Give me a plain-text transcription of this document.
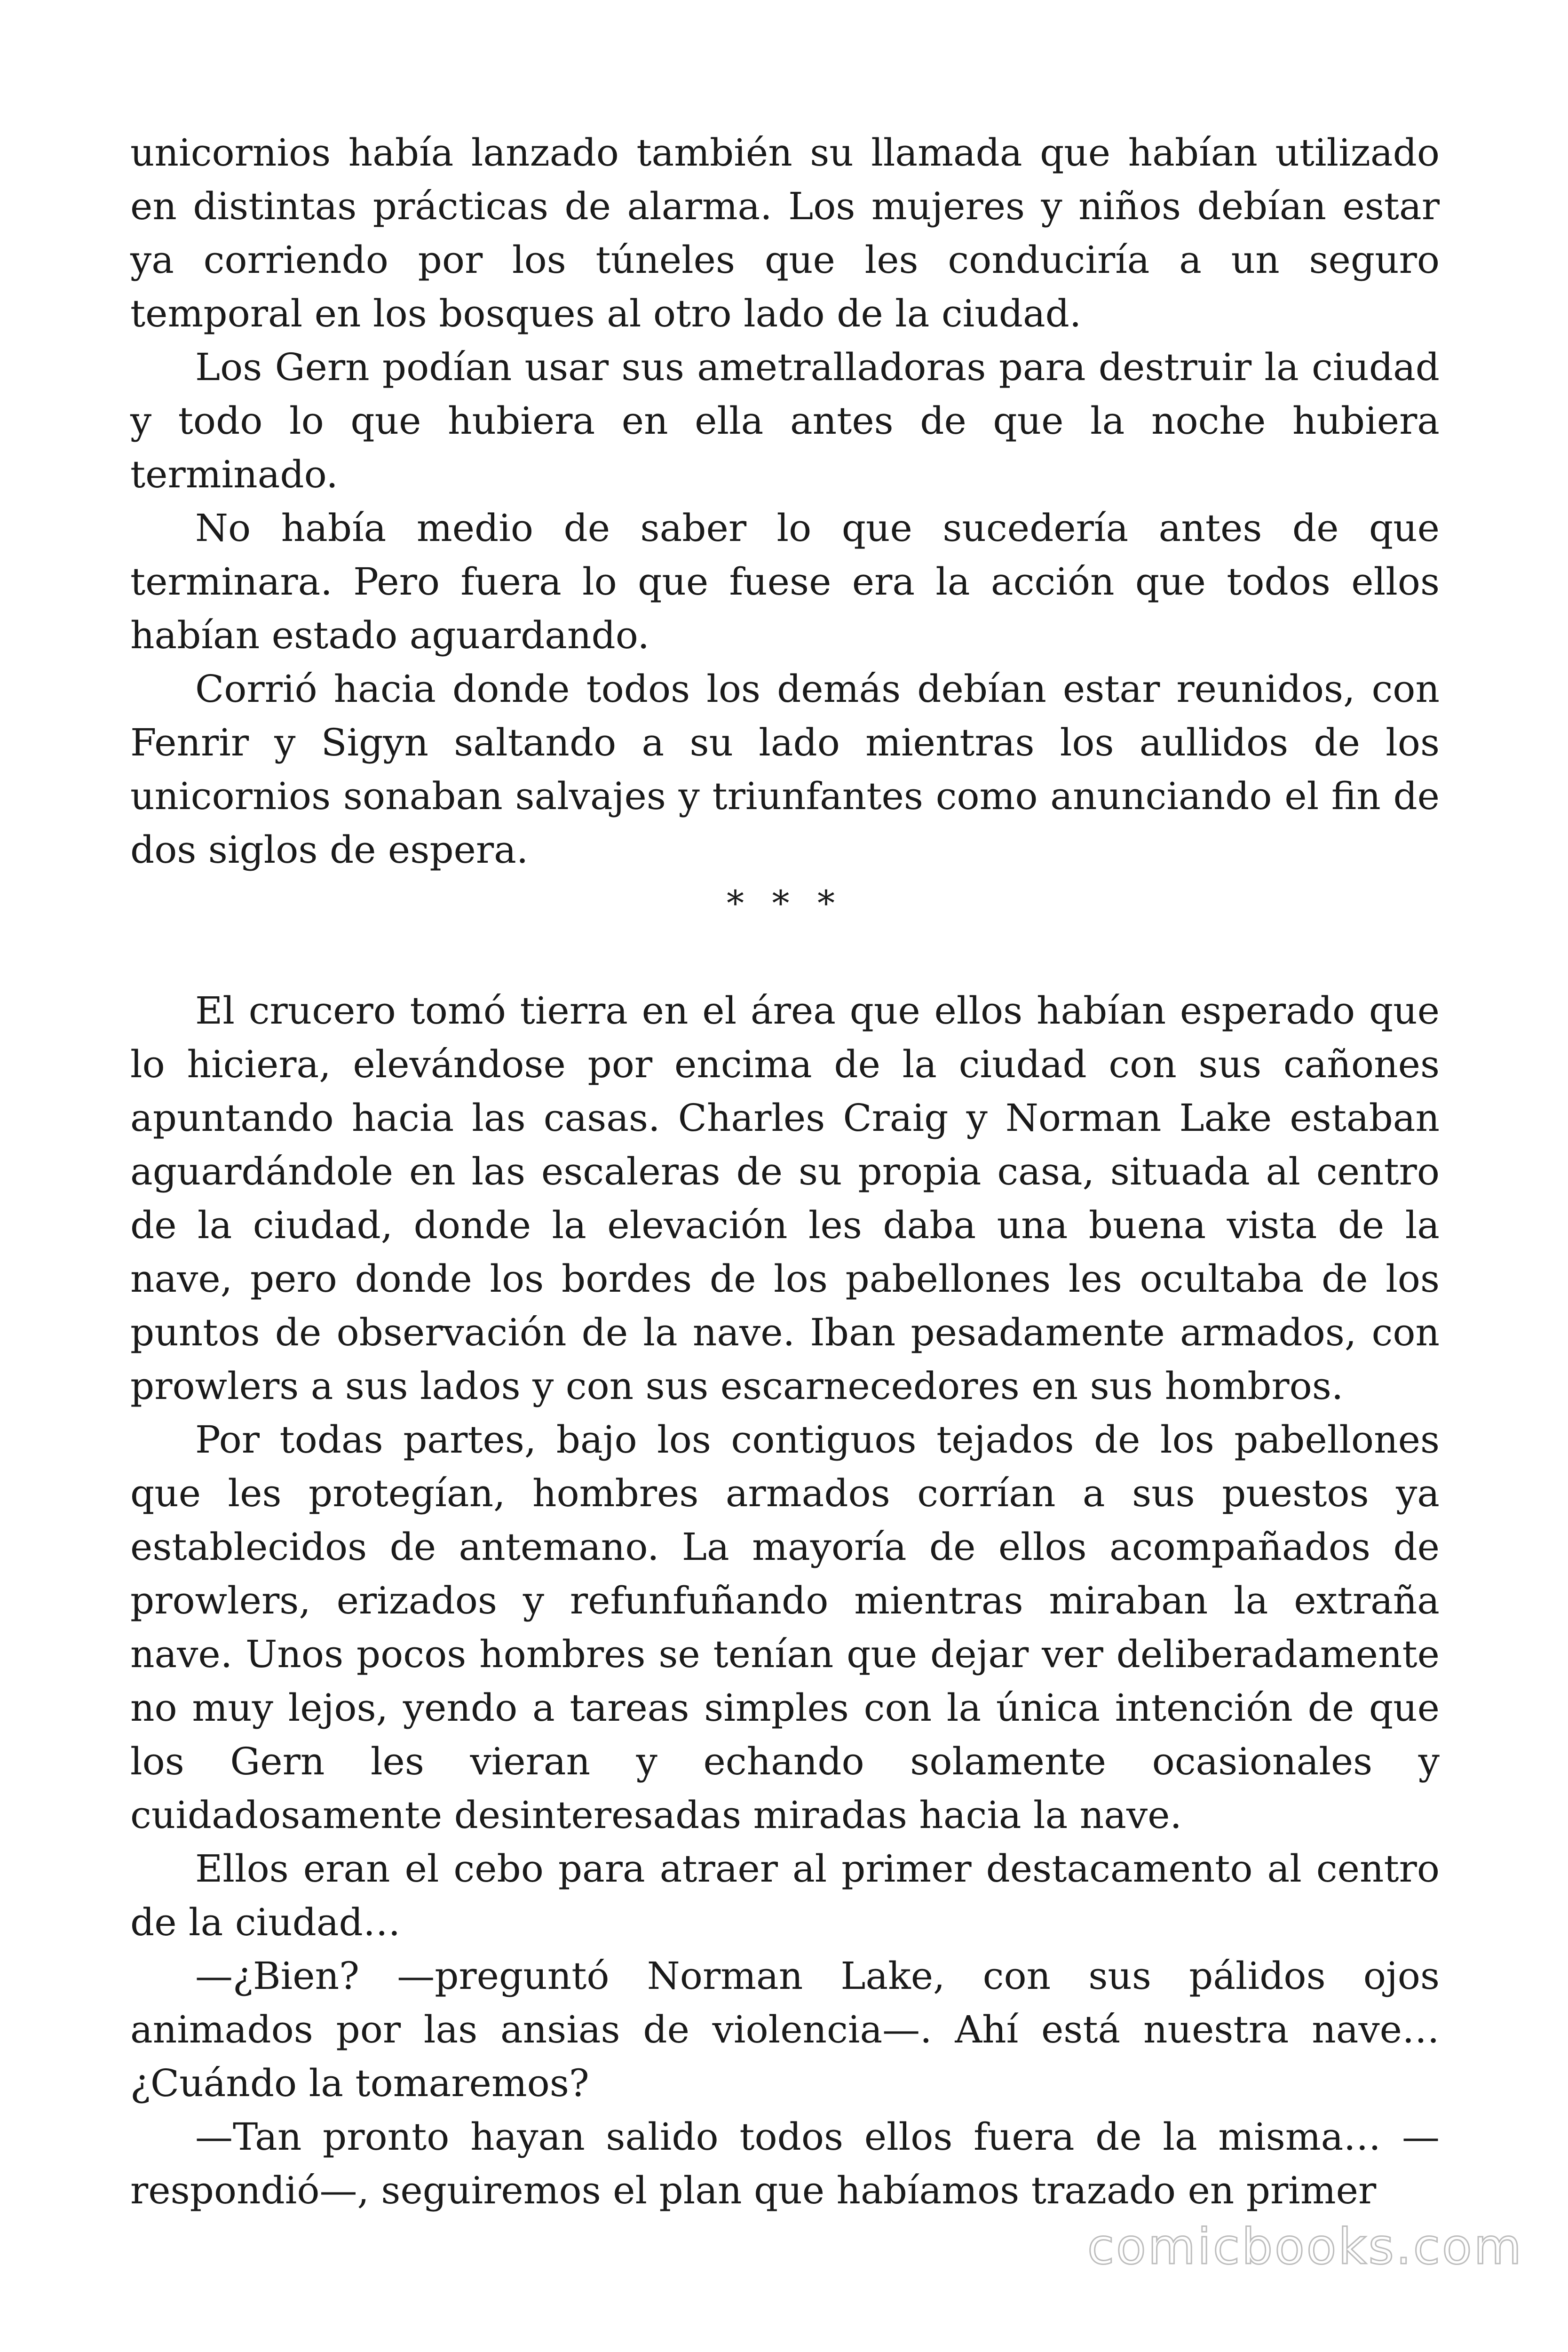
unicornios había lanzado también su llamada que habían utilizado en distintas prácticas de alarma. Los mujeres y niños debían estar ya corriendo por los túneles que les conduciría a un seguro temporal en los bosques al otro lado de la ciudad.

Los Gern podían usar sus ametralladoras para destruir la ciudad y todo lo que hubiera en ella antes de que la noche hubiera terminado.

No había medio de saber lo que sucedería antes de que terminara. Pero fuera lo que fuese era la acción que todos ellos habían estado aguardando.

Corrió hacia donde todos los demás debían estar reunidos, con Fenrir y Sigyn saltando a su lado mientras los aullidos de los unicornios sonaban salvajes y triunfantes como anunciando el fin de dos siglos de espera.

* * *

El crucero tomó tierra en el área que ellos habían esperado que lo hiciera, elevándose por encima de la ciudad con sus cañones apuntando hacia las casas. Charles Craig y Norman Lake estaban aguardándole en las escaleras de su propia casa, situada al centro de la ciudad, donde la elevación les daba una buena vista de la nave, pero donde los bordes de los pabellones les ocultaba de los puntos de observación de la nave. Iban pesadamente armados, con prowlers a sus lados y con sus escarnecedores en sus hombros.

Por todas partes, bajo los contiguos tejados de los pabellones que les protegían, hombres armados corrían a sus puestos ya establecidos de antemano. La mayoría de ellos acompañados de prowlers, erizados y refunfuñando mientras miraban la extraña nave. Unos pocos hombres se tenían que dejar ver deliberadamente no muy lejos, yendo a tareas simples con la única intención de que los Gern les vieran y echando solamente ocasionales y cuidadosamente desinteresadas miradas hacia la nave.

Ellos eran el cebo para atraer al primer destacamento al centro de la ciudad…

—¿Bien? —preguntó Norman Lake, con sus pálidos ojos animados por las ansias de violencia—. Ahí está nuestra nave… ¿Cuándo la tomaremos?

—Tan pronto hayan salido todos ellos fuera de la misma… —respondió—, seguiremos el plan que habíamos trazado en primer

comicbooks.com
